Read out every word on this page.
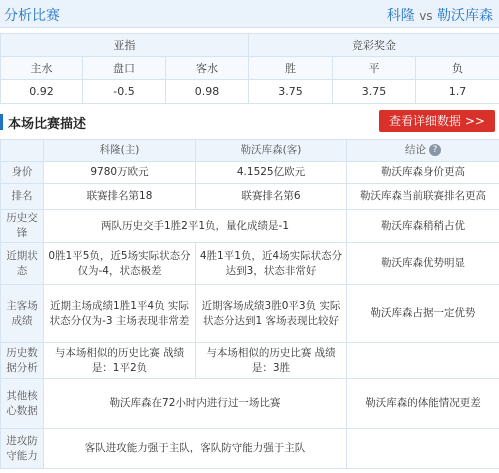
分析比赛	科隆 vs 勒沃库森
亚指			竞彩奖金		
主水	盘口	客水	胜	平	负
0.92	-0.5	0.98	3.75	3.75	1.7
本场比赛描述	查看详细数据 >>
	科隆(主)	勒沃库森(客)	结论 ?
身价	9780万欧元	4.1525亿欧元	勒沃库森身价更高
排名	联赛排名第18	联赛排名第6	勒沃库森当前联赛排名更高
历史交锋	两队历史交手1胜2平1负，量化成绩是-1		勒沃库森稍稍占优
近期状态	0胜1平5负，近5场实际状态分仅为-4，状态极差	4胜1平1负，近4场实际状态分达到3，状态非常好	勒沃库森优势明显
主客场成绩	近期主场成绩1胜1平4负 实际状态分仅为-3 主场表现非常差	近期客场成绩3胜0平3负 实际状态分达到1 客场表现比较好	勒沃库森占据一定优势
历史数据分析	与本场相似的历史比赛 战绩是：1平2负	与本场相似的历史比赛 战绩是：3胜	
其他核心数据	勒沃库森在72小时内进行过一场比赛		勒沃库森的体能情况更差
进攻防守能力	客队进攻能力强于主队，客队防守能力强于主队		
